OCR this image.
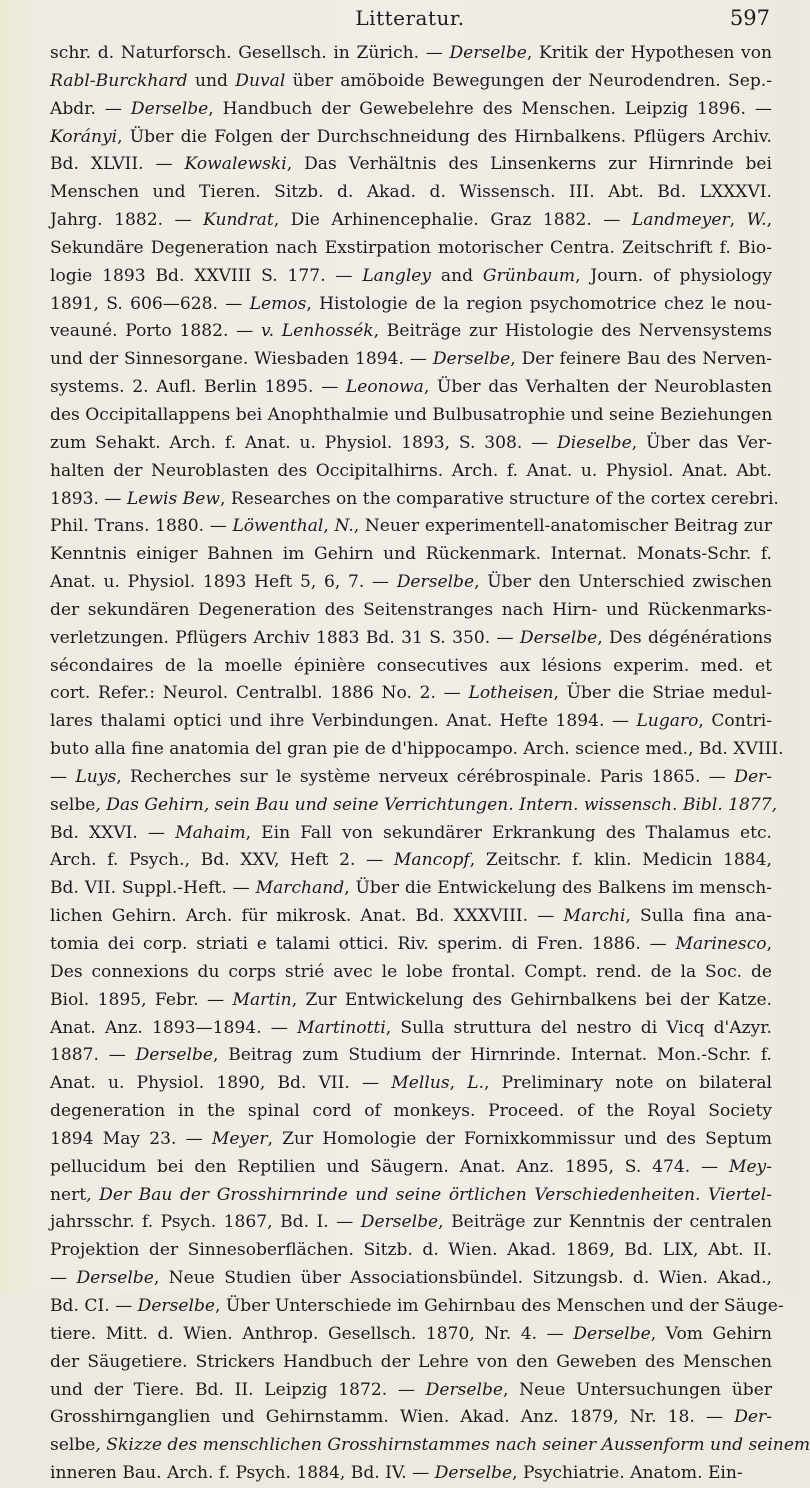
Litteratur.	597
schr. d. Naturforsch. Gesellsch. in Zürich. — Derselbe, Kritik der Hypothesen von
Rabl-Burckhard und Duval über amöboide Bewegungen der Neurodendren. Sep.-
Abdr. — Derselbe, Handbuch der Gewebelehre des Menschen. Leipzig 1896. —
Korányi, Über die Folgen der Durchschneidung des Hirnbalkens. Pflügers Archiv.
Bd. XLVII. — Kowalewski, Das Verhältnis des Linsenkerns zur Hirnrinde bei
Menschen und Tieren. Sitzb. d. Akad. d. Wissensch. III. Abt. Bd. LXXXVI.
Jahrg. 1882. — Kundrat, Die Arhinencephalie. Graz 1882. — Landmeyer, W.,
Sekundäre Degeneration nach Exstirpation motorischer Centra. Zeitschrift f. Bio-
logie 1893 Bd. XXVIII S. 177. — Langley and Grünbaum, Journ. of physiology
1891, S. 606—628. — Lemos, Histologie de la region psychomotrice chez le nou-
veauné. Porto 1882. — v. Lenhossék, Beiträge zur Histologie des Nervensystems
und der Sinnesorgane. Wiesbaden 1894. — Derselbe, Der feinere Bau des Nerven-
systems. 2. Aufl. Berlin 1895. — Leonowa, Über das Verhalten der Neuroblasten
des Occipitallappens bei Anophthalmie und Bulbusatrophie und seine Beziehungen
zum Sehakt. Arch. f. Anat. u. Physiol. 1893, S. 308. — Dieselbe, Über das Ver-
halten der Neuroblasten des Occipitalhirns. Arch. f. Anat. u. Physiol. Anat. Abt.
1893. — Lewis Bew, Researches on the comparative structure of the cortex cerebri.
Phil. Trans. 1880. — Löwenthal, N., Neuer experimentell-anatomischer Beitrag zur
Kenntnis einiger Bahnen im Gehirn und Rückenmark. Internat. Monats-Schr. f.
Anat. u. Physiol. 1893 Heft 5, 6, 7. — Derselbe, Über den Unterschied zwischen
der sekundären Degeneration des Seitenstranges nach Hirn- und Rückenmarks-
verletzungen. Pflügers Archiv 1883 Bd. 31 S. 350. — Derselbe, Des dégénérations
sécondaires de la moelle épinière consecutives aux lésions experim. med. et
cort. Refer.: Neurol. Centralbl. 1886 No. 2. — Lotheisen, Über die Striae medul-
lares thalami optici und ihre Verbindungen. Anat. Hefte 1894. — Lugaro, Contri-
buto alla fine anatomia del gran pie de d'hippocampo. Arch. science med., Bd. XVIII.
— Luys, Recherches sur le système nerveux cérébrospinale. Paris 1865. — Der-
selbe, Das Gehirn, sein Bau und seine Verrichtungen. Intern. wissensch. Bibl. 1877,
Bd. XXVI. — Mahaim, Ein Fall von sekundärer Erkrankung des Thalamus etc.
Arch. f. Psych., Bd. XXV, Heft 2. — Mancopf, Zeitschr. f. klin. Medicin 1884,
Bd. VII. Suppl.-Heft. — Marchand, Über die Entwickelung des Balkens im mensch-
lichen Gehirn. Arch. für mikrosk. Anat. Bd. XXXVIII. — Marchi, Sulla fina ana-
tomia dei corp. striati e talami ottici. Riv. sperim. di Fren. 1886. — Marinesco,
Des connexions du corps strié avec le lobe frontal. Compt. rend. de la Soc. de
Biol. 1895, Febr. — Martin, Zur Entwickelung des Gehirnbalkens bei der Katze.
Anat. Anz. 1893—1894. — Martinotti, Sulla struttura del nestro di Vicq d'Azyr.
1887. — Derselbe, Beitrag zum Studium der Hirnrinde. Internat. Mon.-Schr. f.
Anat. u. Physiol. 1890, Bd. VII. — Mellus, L., Preliminary note on bilateral
degeneration in the spinal cord of monkeys. Proceed. of the Royal Society
1894 May 23. — Meyer, Zur Homologie der Fornixkommissur und des Septum
pellucidum bei den Reptilien und Säugern. Anat. Anz. 1895, S. 474. — Mey-
nert, Der Bau der Grosshirnrinde und seine örtlichen Verschiedenheiten. Viertel-
jahrsschr. f. Psych. 1867, Bd. I. — Derselbe, Beiträge zur Kenntnis der centralen
Projektion der Sinnesoberflächen. Sitzb. d. Wien. Akad. 1869, Bd. LIX, Abt. II.
— Derselbe, Neue Studien über Associationsbündel. Sitzungsb. d. Wien. Akad.,
Bd. CI. — Derselbe, Über Unterschiede im Gehirnbau des Menschen und der Säuge-
tiere. Mitt. d. Wien. Anthrop. Gesellsch. 1870, Nr. 4. — Derselbe, Vom Gehirn
der Säugetiere. Strickers Handbuch der Lehre von den Geweben des Menschen
und der Tiere. Bd. II. Leipzig 1872. — Derselbe, Neue Untersuchungen über
Grosshirnganglien und Gehirnstamm. Wien. Akad. Anz. 1879, Nr. 18. — Der-
selbe, Skizze des menschlichen Grosshirnstammes nach seiner Aussenform und seinem
inneren Bau. Arch. f. Psych. 1884, Bd. IV. — Derselbe, Psychiatrie. Anatom. Ein-
